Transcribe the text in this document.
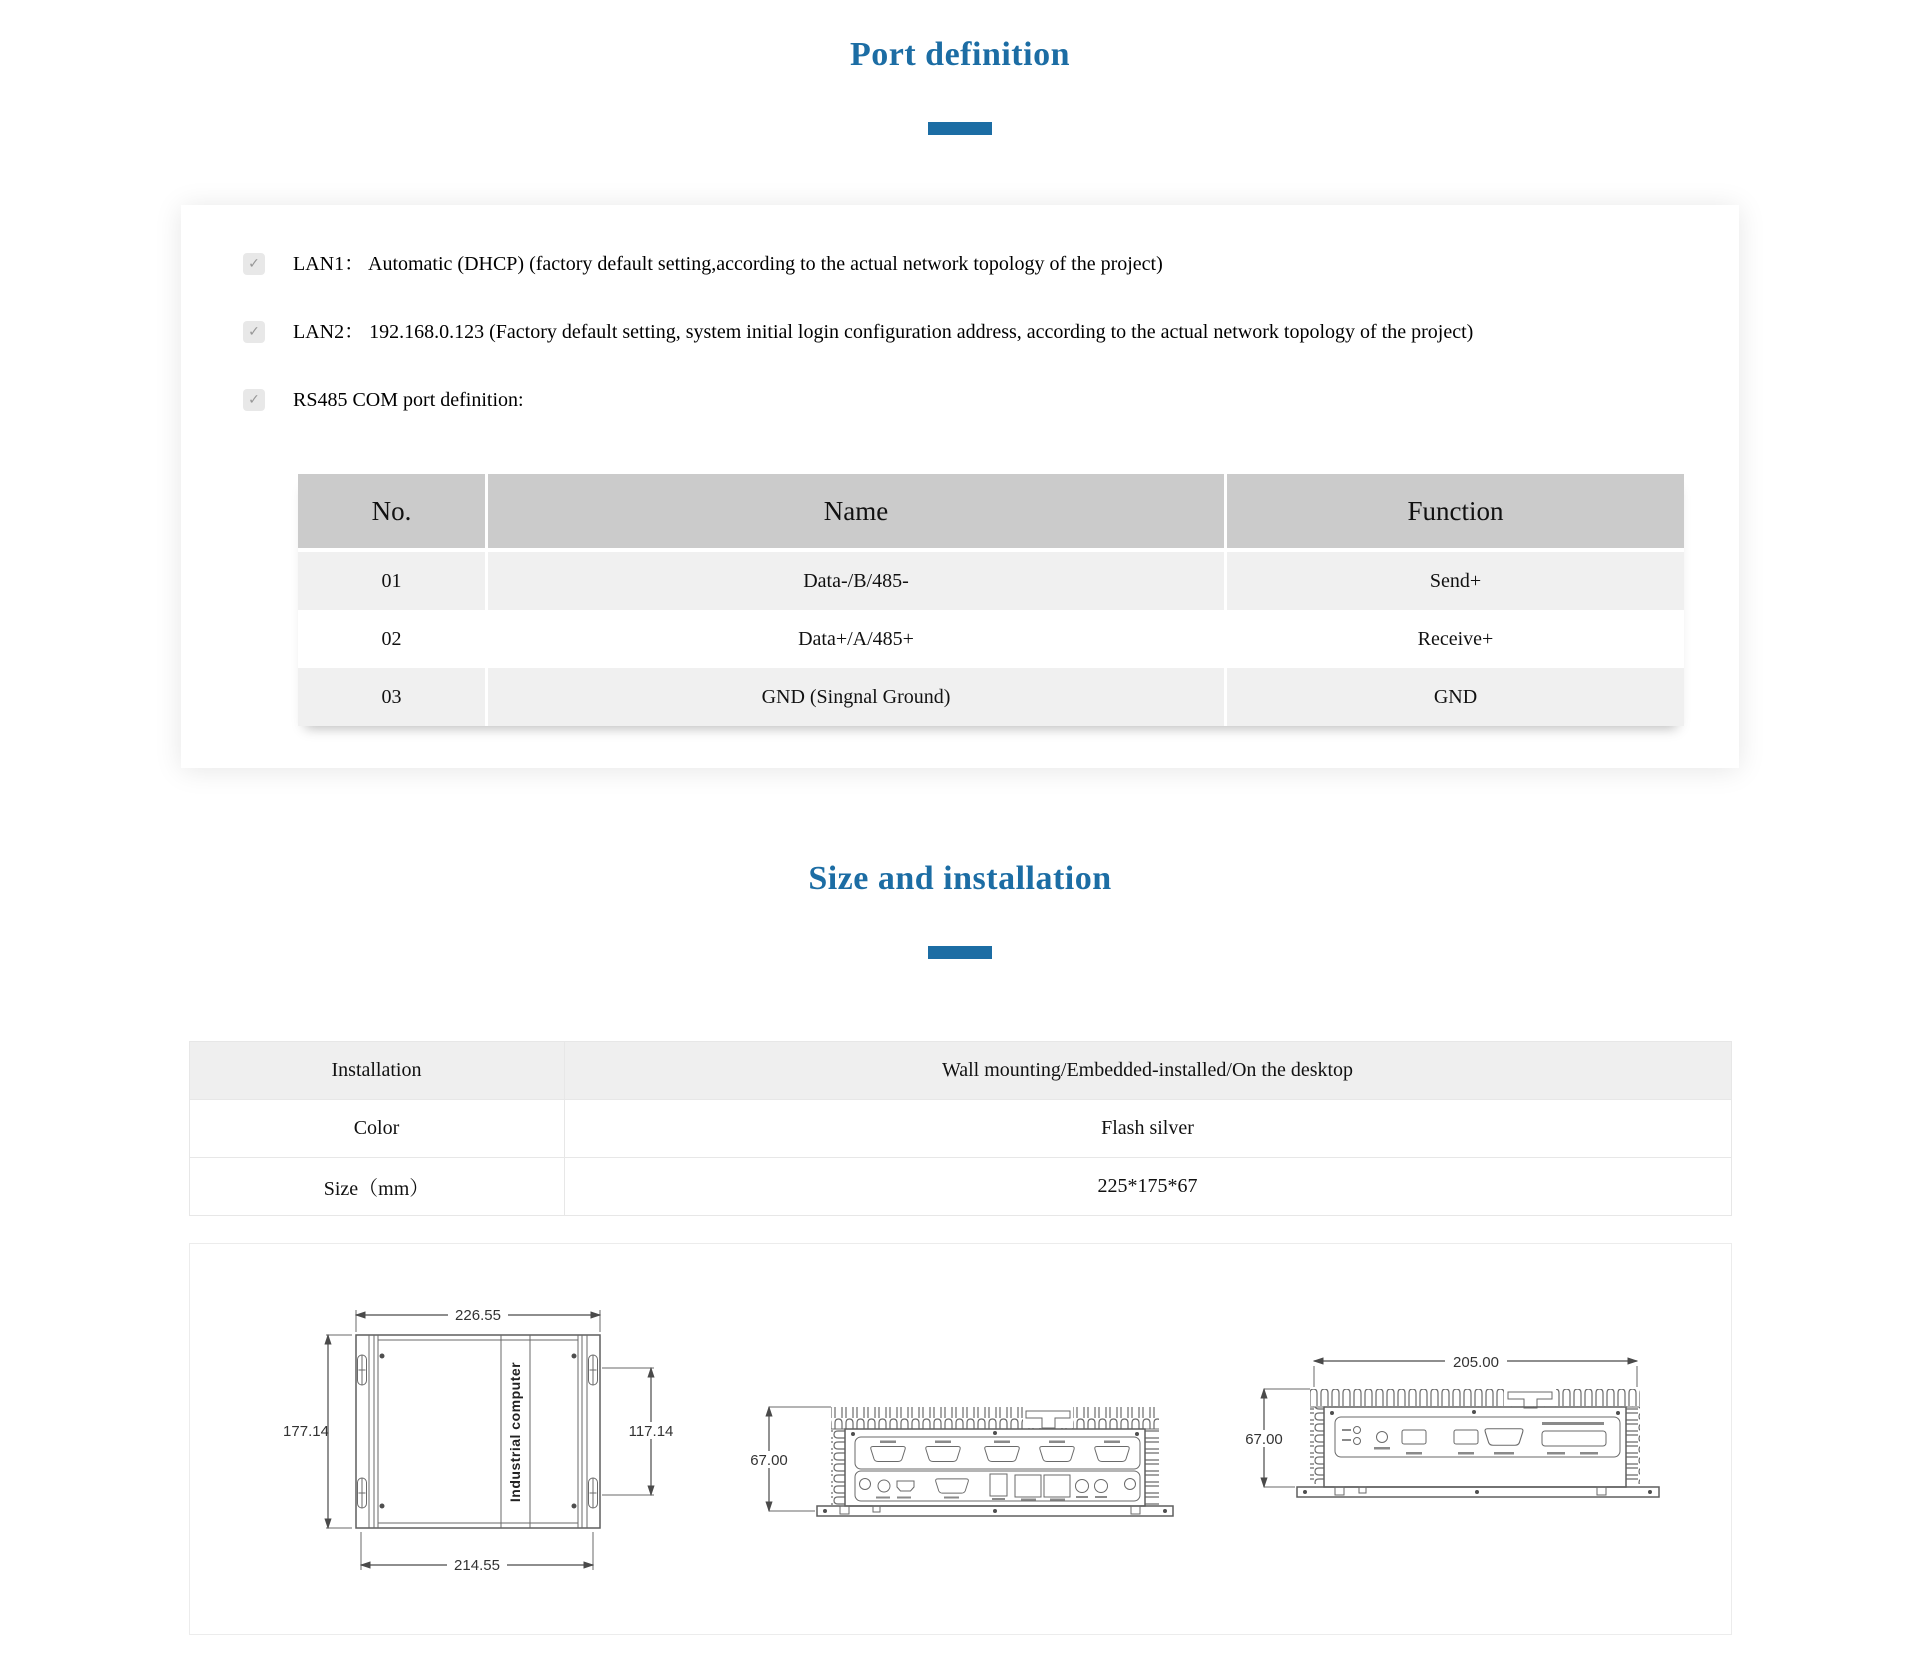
Port definition
✓ LAN1： Automatic (DHCP) (factory default setting,according to the actual network topology of the project)
✓ LAN2： 192.168.0.123 (Factory default setting, system initial login configuration address, according to the actual network topology of the project)
✓ RS485 COM port definition:
No.	Name	Function
01	Data-/B/485-	Send+
02	Data+/A/485+	Receive+
03	GND (Singnal Ground)	GND
Size and installation
Installation	Wall mounting/Embedded-installed/On the desktop
Color	Flash silver
Size（mm）	225*175*67
Industrial computer
226.55
214.55
177.14	117.14
67.00
205.00
67.00
